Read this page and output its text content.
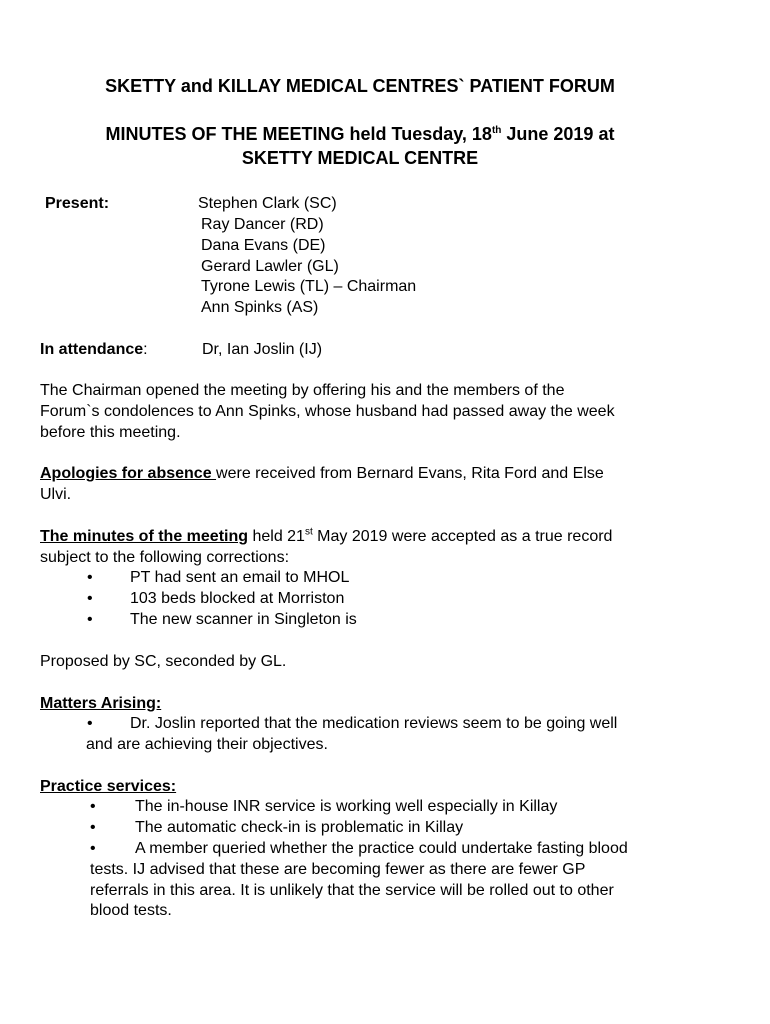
SKETTY and KILLAY MEDICAL CENTRES` PATIENT FORUM
MINUTES OF THE MEETING held Tuesday, 18th June 2019 at
SKETTY MEDICAL CENTRE
Present:	Stephen Clark (SC)
Ray Dancer (RD)
Dana Evans (DE)
Gerard Lawler (GL)
Tyrone Lewis (TL) – Chairman
Ann Spinks (AS)
In attendance:	Dr, Ian Joslin (IJ)
The Chairman opened the meeting by offering his and the members of the
Forum`s condolences to Ann Spinks, whose husband had passed away the week
before this meeting.
Apologies for absence were received from Bernard Evans, Rita Ford and Else
Ulvi.
The minutes of the meeting held 21st May 2019 were accepted as a true record
subject to the following corrections:
• PT had sent an email to MHOL
• 103 beds blocked at Morriston
• The new scanner in Singleton is
Proposed by SC, seconded by GL.
Matters Arising:
• Dr. Joslin reported that the medication reviews seem to be going well
and are achieving their objectives.
Practice services:
• The in-house INR service is working well especially in Killay
• The automatic check-in is problematic in Killay
• A member queried whether the practice could undertake fasting blood
tests. IJ advised that these are becoming fewer as there are fewer GP
referrals in this area. It is unlikely that the service will be rolled out to other
blood tests.
